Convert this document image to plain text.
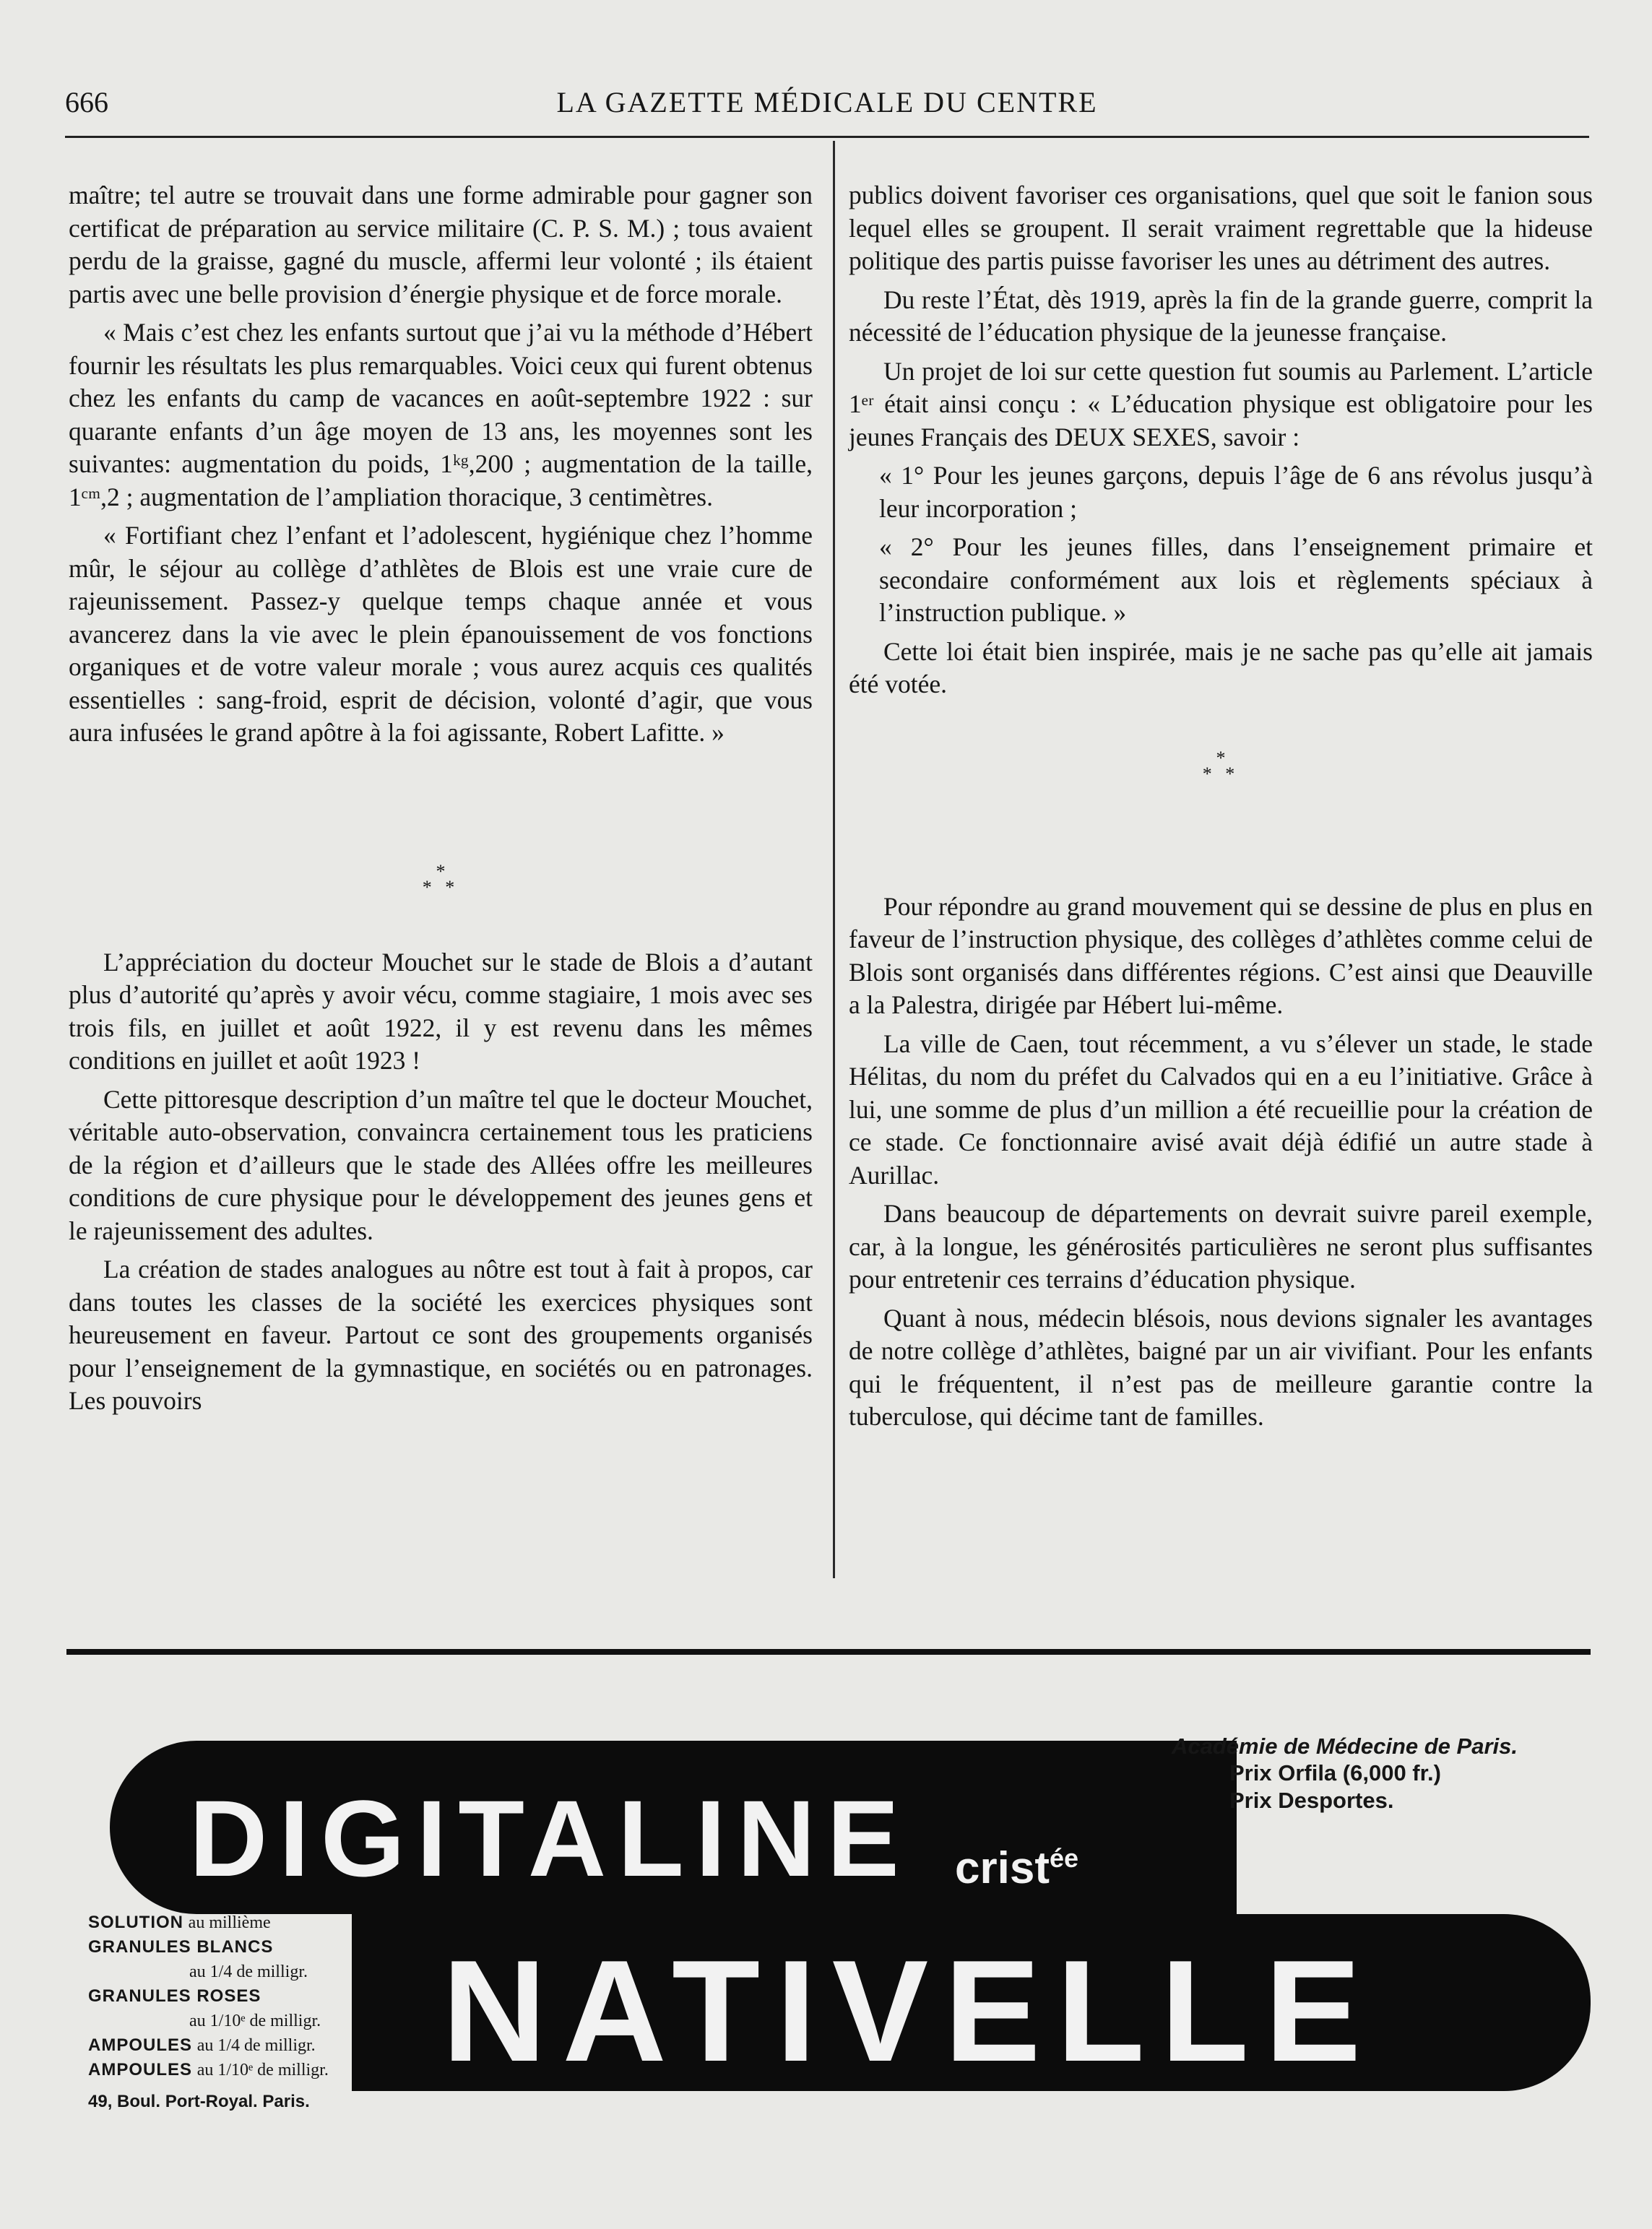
666	LA GAZETTE MÉDICALE DU CENTRE

maître; tel autre se trouvait dans une forme admirable pour gagner son certificat de préparation au service militaire (C. P. S. M.) ; tous avaient perdu de la graisse, gagné du muscle, affermi leur volonté ; ils étaient partis avec une belle provision d’énergie physique et de force morale.

« Mais c’est chez les enfants surtout que j’ai vu la méthode d’Hébert fournir les résultats les plus remarquables. Voici ceux qui furent obtenus chez les enfants du camp de vacances en août-septembre 1922 : sur quarante enfants d’un âge moyen de 13 ans, les moyennes sont les suivantes: augmentation du poids, 1ᵏᵍ,200 ; augmentation de la taille, 1ᶜᵐ,2 ; augmentation de l’ampliation thoracique, 3 centimètres.

« Fortifiant chez l’enfant et l’adolescent, hygiénique chez l’homme mûr, le séjour au collège d’athlètes de Blois est une vraie cure de rajeunissement. Passez-y quelque temps chaque année et vous avancerez dans la vie avec le plein épanouissement de vos fonctions organiques et de votre valeur morale ; vous aurez acquis ces qualités essentielles : sang-froid, esprit de décision, volonté d’agir, que vous aura infusées le grand apôtre à la foi agissante, Robert Lafitte. »

*
* *

L’appréciation du docteur Mouchet sur le stade de Blois a d’autant plus d’autorité qu’après y avoir vécu, comme stagiaire, 1 mois avec ses trois fils, en juillet et août 1922, il y est revenu dans les mêmes conditions en juillet et août 1923 !

Cette pittoresque description d’un maître tel que le docteur Mouchet, véritable auto-observation, convaincra certainement tous les praticiens de la région et d’ailleurs que le stade des Allées offre les meilleures conditions de cure physique pour le développement des jeunes gens et le rajeunissement des adultes.

La création de stades analogues au nôtre est tout à fait à propos, car dans toutes les classes de la société les exercices physiques sont heureusement en faveur. Partout ce sont des groupements organisés pour l’enseignement de la gymnastique, en sociétés ou en patronages. Les pouvoirs

publics doivent favoriser ces organisations, quel que soit le fanion sous lequel elles se groupent. Il serait vraiment regrettable que la hideuse politique des partis puisse favoriser les unes au détriment des autres.

Du reste l’État, dès 1919, après la fin de la grande guerre, comprit la nécessité de l’éducation physique de la jeunesse française.

Un projet de loi sur cette question fut soumis au Parlement. L’article 1ᵉʳ était ainsi conçu : « L’éducation physique est obligatoire pour les jeunes Français des DEUX SEXES, savoir :

« 1° Pour les jeunes garçons, depuis l’âge de 6 ans révolus jusqu’à leur incorporation ;

« 2° Pour les jeunes filles, dans l’enseignement primaire et secondaire conformément aux lois et règlements spéciaux à l’instruction publique. »

Cette loi était bien inspirée, mais je ne sache pas qu’elle ait jamais été votée.

*
* *

Pour répondre au grand mouvement qui se dessine de plus en plus en faveur de l’instruction physique, des collèges d’athlètes comme celui de Blois sont organisés dans différentes régions. C’est ainsi que Deauville a la Palestra, dirigée par Hébert lui-même.

La ville de Caen, tout récemment, a vu s’élever un stade, le stade Hélitas, du nom du préfet du Calvados qui en a eu l’initiative. Grâce à lui, une somme de plus d’un million a été recueillie pour la création de ce stade. Ce fonctionnaire avisé avait déjà édifié un autre stade à Aurillac.

Dans beaucoup de départements on devrait suivre pareil exemple, car, à la longue, les générosités particulières ne seront plus suffisantes pour entretenir ces terrains d’éducation physique.

Quant à nous, médecin blésois, nous devions signaler les avantages de notre collège d’athlètes, baigné par un air vivifiant. Pour les enfants qui le fréquentent, il n’est pas de meilleure garantie contre la tuberculose, qui décime tant de familles.

DIGITALINE crist$^{ée}$
NATIVELLE
Académie de Médecine de Paris.
Prix Orfila (6,000 fr.)
Prix Desportes.
SOLUTION au millième
GRANULES BLANCS
au 1/4 de milligr.
GRANULES ROSES
au 1/10ᵉ de milligr.
AMPOULES au 1/4 de milligr.
AMPOULES au 1/10ᵉ de milligr.
49, Boul. Port-Royal. Paris.
